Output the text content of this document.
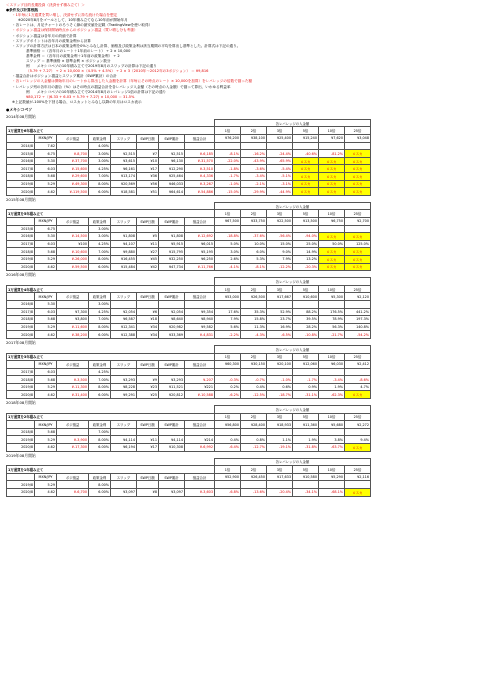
＜スワップ目的長期投資（決済せず積み立て）＞
●条件及び計算根拠
・1年毎に1万通貨を買い増し、決済せずに持ち続けた場合を想定
※2020年8月をゴールとして、10年積み立てなら10年前が開始年月
・各レートは、月足チャートのろうそく線の最安値を記載（TradingViewを使い取得）
・ポジション損益は保持開始時点からのポジション損益（買い増し分も考慮）
・ポジション損益は各年月の終値で計算
・スワップポイントは各年月の政策金利から計算
・スワップの計算方法は日本の政策金利を0%とみなし計算、価格及び政策金利は該当期間の平均を算出し基準とした。計算式は下記の通り。
基準価格 ＝（各年月のレート＋1年前のレート） ÷ 2 × 10,000
基準金利 ＝（各年月の政策金利＋1年前の政策金利） ÷ 2
スワップ ＝ 基準価格 × 基準金利 × ポジション数分
例　　メキシコペソの10年積み立てで2019年8月のスワップの計算は下記の通り
（5.79 + 7.27） ÷ 2 × 10,000 ×（4.5% + 4.5%） ÷ 2 × 3（2010年〜2012年の3ポジション） ＝ ¥9,816
・損益合計はポジション損益とスワップ累計（SWP累計）の合計
・各レバレッジの入金額は開始年月のレートから算出した入金額を計算（年毎にその時点のレート × 10,000を加算）をレバレッジの倍数で割った額
・レバレッジ列の各年月の割合（%）はその時点の損益合計を各レバレッジ入金額（その時点の入金額）で割って算出、いわゆる利益率
例　　メキシコペソの10年積み立てで2014年8月のレバレッジ1倍の計算は下記の通り
¥80,172 ÷（(6.33 + 6.03 + 5.79 + 7.27) × 10,000 ＝ 31.5%
※上記数値が-100%を下回る場合、ロスカットとみなし以降の年月はロスカ表示
●メキシコペソ
2014年08月開始
								各レバレッジの入金額					
1万通貨を6年積み立て								1倍	2倍	3倍	5倍	10倍	25倍
	MXN/JPY	ポジ損益	政策金利	スワップ	SWP日額	SWP累計	損益合計	¥76,200	¥38,100	¥25,400	¥15,240	¥7,620	¥3,048
2014/8	7.62		4.00%										
2015/8	6.75	¥-8,700	3.00%	¥2,515	¥7	¥2,515	¥-6,185	-8.1%	-16.2%	-24.4%	-40.6%	-81.2%	ロスカ
2016/8	5.30	¥-37,700	3.00%	¥3,615	¥10	¥6,130	¥-31,570	-22.0%	-43.9%	-65.9%	ロスカ	ロスカ	ロスカ
2017/8	6.03	¥-15,600	4.25%	¥6,161	¥17	¥12,290	¥-3,510	-1.8%	-3.6%	-5.4%	ロスカ	ロスカ	ロスカ
2018/8	5.68	¥-29,600	7.00%	¥13,174	¥36	¥25,464	¥-4,336	-1.7%	-3.4%	-5.1%	ロスカ	ロスカ	ロスカ
2019/8	5.29	¥-49,300	8.00%	¥20,569	¥56	¥46,033	¥-3,267	-1.0%	-2.1%	-3.1%	ロスカ	ロスカ	ロスカ
2020/8	4.62	¥-119,500	6.00%	¥18,581	¥51	¥64,614	¥-54,886	-15.0%	-29.9%	-44.9%	ロスカ	ロスカ	ロスカ
2015年08月開始
								各レバレッジの入金額					
1万通貨を5年積み立て								1倍	2倍	3倍	5倍	10倍	25倍
	MXN/JPY	ポジ損益	政策金利	スワップ	SWP日額	SWP累計	損益合計	¥67,500	¥33,750	¥22,500	¥13,500	¥6,750	¥2,700
2015/8	6.75		3.00%										
2016/8	5.30	¥-14,500	3.00%	¥1,808	¥5	¥1,808	¥-12,692	-18.8%	-37.6%	-56.4%	-94.0%	ロスカ	ロスカ
2017/8	6.03	¥100	4.25%	¥4,107	¥11	¥5,915	¥6,015	5.0%	10.0%	15.0%	25.0%	50.0%	125.0%
2018/8	5.68	¥-10,600	7.00%	¥9,880	¥27	¥15,795	¥5,195	3.0%	6.0%	9.0%	14.9%	ロスカ	ロスカ
2019/8	5.29	¥-26,000	8.00%	¥16,455	¥45	¥32,250	¥6,250	2.6%	5.3%	7.9%	13.2%	ロスカ	ロスカ
2020/8	4.62	¥-59,500	6.00%	¥15,484	¥42	¥47,734	¥-11,766	-4.1%	-8.1%	-12.2%	-20.3%	ロスカ	ロスカ
2016年08月開始
								各レバレッジの入金額					
1万通貨を4年積み立て								1倍	2倍	3倍	5倍	10倍	25倍
	MXN/JPY	ポジ損益	政策金利	スワップ	SWP日額	SWP累計	損益合計	¥53,000	¥26,500	¥17,667	¥10,600	¥5,300	¥2,120
2016/8	5.30		3.00%										
2017/8	6.03	¥7,300	4.25%	¥2,054	¥6	¥2,054	¥9,354	17.6%	35.3%	52.9%	88.2%	176.5%	441.2%
2018/8	5.68	¥3,800	7.00%	¥6,587	¥18	¥8,640	¥8,940	7.9%	15.8%	23.7%	39.5%	78.9%	197.3%
2019/8	5.29	¥-11,600	8.00%	¥12,341	¥34	¥20,982	¥9,582	5.6%	11.3%	16.9%	28.2%	56.3%	140.8%
2020/8	4.62	¥-38,200	6.00%	¥12,388	¥34	¥33,369	¥-4,831	-2.2%	-4.3%	-6.5%	-10.8%	-21.7%	-54.2%
2017年08月開始
								各レバレッジの入金額					
1万通貨を3年積み立て								1倍	2倍	3倍	5倍	10倍	25倍
	MXN/JPY	ポジ損益	政策金利	スワップ	SWP日額	SWP累計	損益合計	¥60,300	¥30,150	¥20,100	¥12,060	¥6,030	¥2,412
2017/8	6.03		4.25%										
2018/8	5.68	¥-3,500	7.00%	¥3,293	¥9	¥3,293	¥-207	-0.3%	-0.7%	-1.0%	-1.7%	-3.4%	-8.6%
2019/8	5.29	¥-11,300	8.00%	¥8,228	¥23	¥11,521	¥221	0.2%	0.4%	0.6%	0.9%	1.9%	4.7%
2020/8	4.62	¥-31,400	6.00%	¥9,291	¥25	¥20,812	¥-10,588	-6.2%	-12.5%	-18.7%	-31.1%	-62.3%	ロスカ
2018年08月開始
								各レバレッジの入金額					
1万通貨を2年積み立て								1倍	2倍	3倍	5倍	10倍	25倍
	MXN/JPY	ポジ損益	政策金利	スワップ	SWP日額	SWP累計	損益合計	¥56,800	¥28,400	¥18,933	¥11,360	¥5,680	¥2,272
2018/8	5.68		7.00%										
2019/8	5.29	¥-3,900	8.00%	¥4,114	¥11	¥4,114	¥214	0.4%	0.8%	1.1%	1.9%	3.8%	9.4%
2020/8	4.62	¥-17,300	6.00%	¥6,194	¥17	¥10,308	¥-6,992	-6.4%	-12.7%	-19.1%	-31.8%	-63.7%	ロスカ
2019年08月開始
								各レバレッジの入金額					
1万通貨を1年積み立て								1倍	2倍	3倍	5倍	10倍	25倍
	MXN/JPY	ポジ損益	政策金利	スワップ	SWP日額	SWP累計	損益合計	¥52,900	¥26,450	¥17,633	¥10,580	¥5,290	¥2,116
2019/8	5.29		8.00%										
2020/8	4.62	¥-6,700	6.00%	¥3,097	¥8	¥3,097	¥-3,603	-6.8%	-13.6%	-20.4%	-34.1%	-68.1%	ロスカ
